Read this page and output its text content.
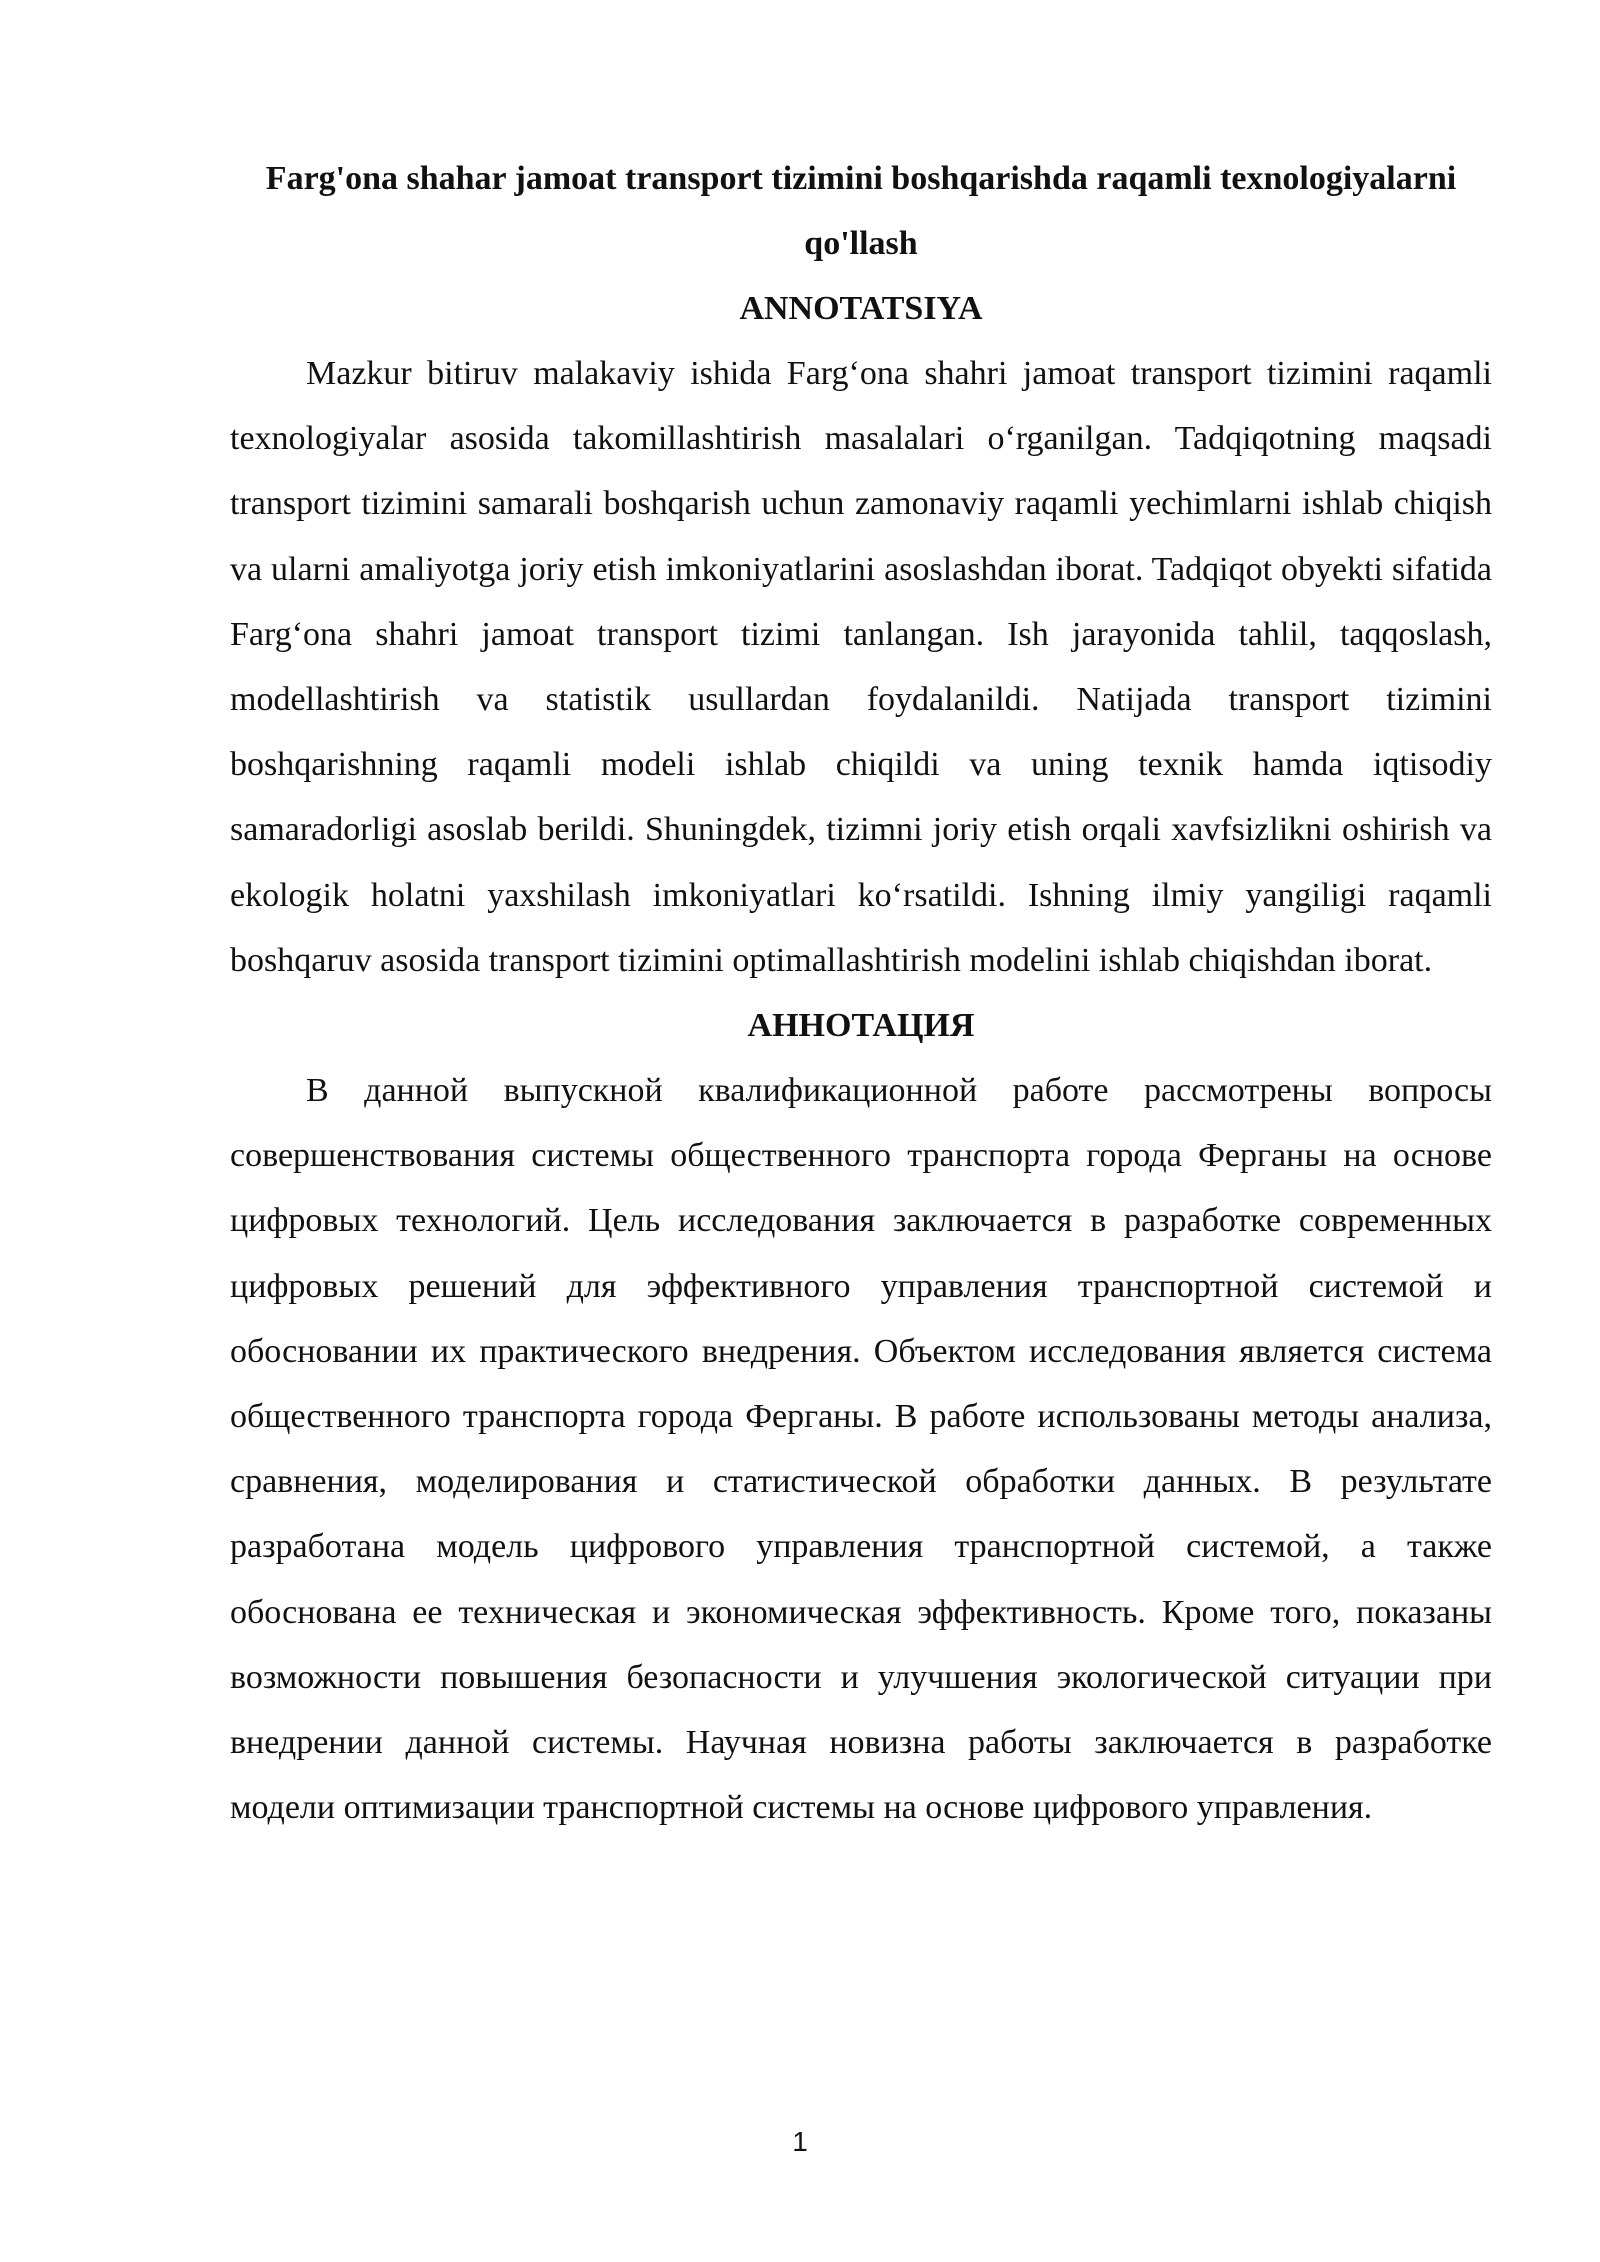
Farg'ona shahar jamoat transport tizimini boshqarishda raqamli texnologiyalarni qo'llash
ANNOTATSIYA

Mazkur bitiruv malakaviy ishida Farg‘ona shahri jamoat transport tizimini raqamli texnologiyalar asosida takomillashtirish masalalari o‘rganilgan. Tadqiqotning maqsadi transport tizimini samarali boshqarish uchun zamonaviy raqamli yechimlarni ishlab chiqish va ularni amaliyotga joriy etish imkoniyatlarini asoslashdan iborat. Tadqiqot obyekti sifatida Farg‘ona shahri jamoat transport tizimi tanlangan. Ish jarayonida tahlil, taqqoslash, modellashtirish va statistik usullardan foydalanildi. Natijada transport tizimini boshqarishning raqamli modeli ishlab chiqildi va uning texnik hamda iqtisodiy samaradorligi asoslab berildi. Shuningdek, tizimni joriy etish orqali xavfsizlikni oshirish va ekologik holatni yaxshilash imkoniyatlari ko‘rsatildi. Ishning ilmiy yangiligi raqamli boshqaruv asosida transport tizimini optimallashtirish modelini ishlab chiqishdan iborat.

АННОТАЦИЯ

В данной выпускной квалификационной работе рассмотрены вопросы совершенствования системы общественного транспорта города Ферганы на основе цифровых технологий. Цель исследования заключается в разработке современных цифровых решений для эффективного управления транспортной системой и обосновании их практического внедрения. Объектом исследования является система общественного транспорта города Ферганы. В работе использованы методы анализа, сравнения, моделирования и статистической обработки данных. В результате разработана модель цифрового управления транспортной системой, а также обоснована ее техническая и экономическая эффективность. Кроме того, показаны возможности повышения безопасности и улучшения экологической ситуации при внедрении данной системы. Научная новизна работы заключается в разработке модели оптимизации транспортной системы на основе цифрового управления.

1
